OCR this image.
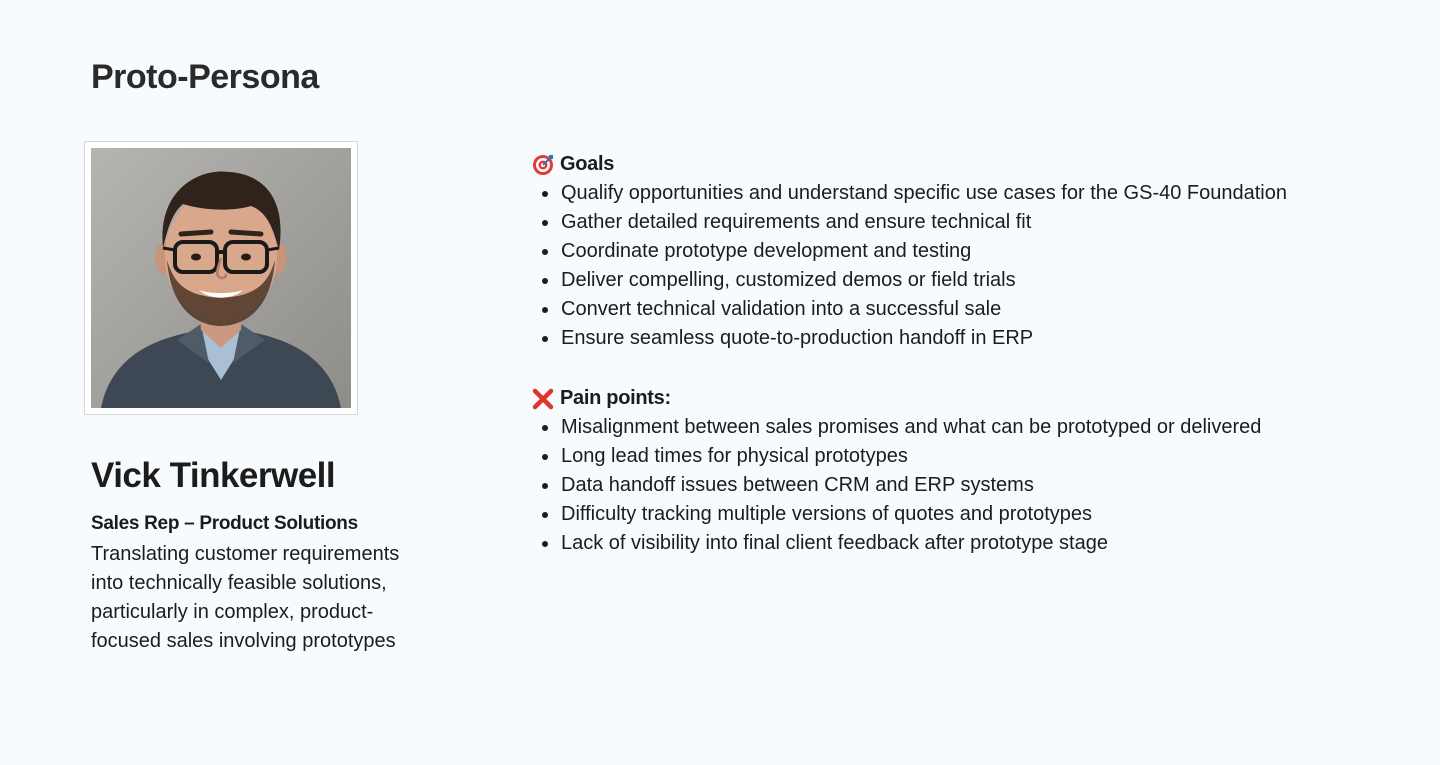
Proto-Persona
Vick Tinkerwell
Sales Rep – Product Solutions

Translating customer requirements into technically feasible solutions, particularly in complex, product-focused sales involving prototypes

Goals
Qualify opportunities and understand specific use cases for the GS-40 Foundation
Gather detailed requirements and ensure technical fit
Coordinate prototype development and testing
Deliver compelling, customized demos or field trials
Convert technical validation into a successful sale
Ensure seamless quote-to-production handoff in ERP
Pain points:
Misalignment between sales promises and what can be prototyped or delivered
Long lead times for physical prototypes
Data handoff issues between CRM and ERP systems
Difficulty tracking multiple versions of quotes and prototypes
Lack of visibility into final client feedback after prototype stage
